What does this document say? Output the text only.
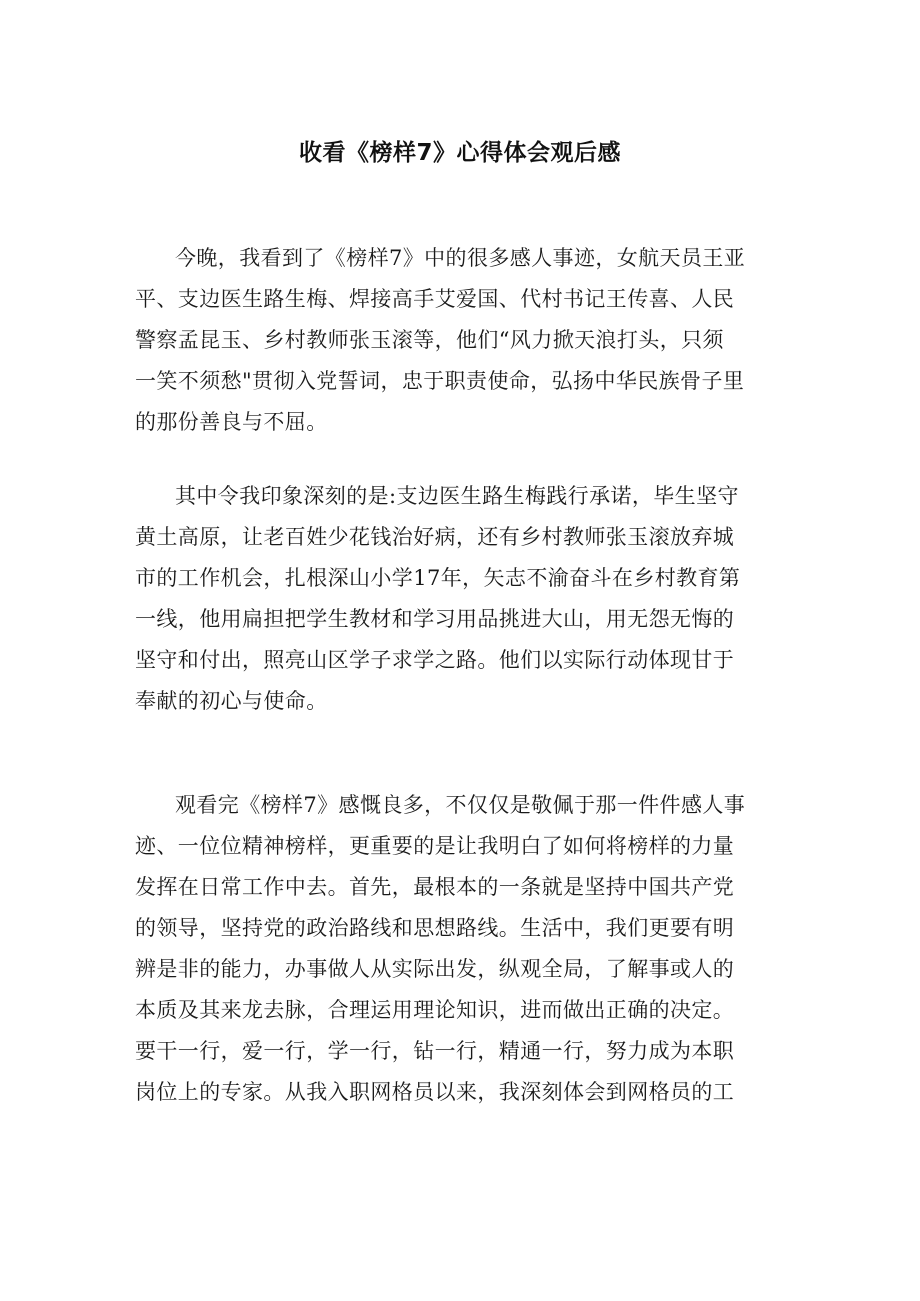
收看《榜样7》心得体会观后感

今晚，我看到了《榜样7》中的很多感人事迹，女航天员王亚
平、支边医生路生梅、焊接高手艾爱国、代村书记王传喜、人民
警察孟昆玉、乡村教师张玉滚等，他们“风力掀天浪打头，只须
一笑不须愁"贯彻入党誓词，忠于职责使命，弘扬中华民族骨子里
的那份善良与不屈。

其中令我印象深刻的是:支边医生路生梅践行承诺，毕生坚守
黄土高原，让老百姓少花钱治好病，还有乡村教师张玉滚放弃城
市的工作机会，扎根深山小学17年，矢志不渝奋斗在乡村教育第
一线，他用扁担把学生教材和学习用品挑进大山，用无怨无悔的
坚守和付出，照亮山区学子求学之路。他们以实际行动体现甘于
奉献的初心与使命。

观看完《榜样7》感慨良多，不仅仅是敬佩于那一件件感人事
迹、一位位精神榜样，更重要的是让我明白了如何将榜样的力量
发挥在日常工作中去。首先，最根本的一条就是坚持中国共产党
的领导，坚持党的政治路线和思想路线。生活中，我们更要有明
辨是非的能力，办事做人从实际出发，纵观全局，了解事或人的
本质及其来龙去脉，合理运用理论知识，进而做出正确的决定。
要干一行，爱一行，学一行，钻一行，精通一行，努力成为本职
岗位上的专家。从我入职网格员以来，我深刻体会到网格员的工
